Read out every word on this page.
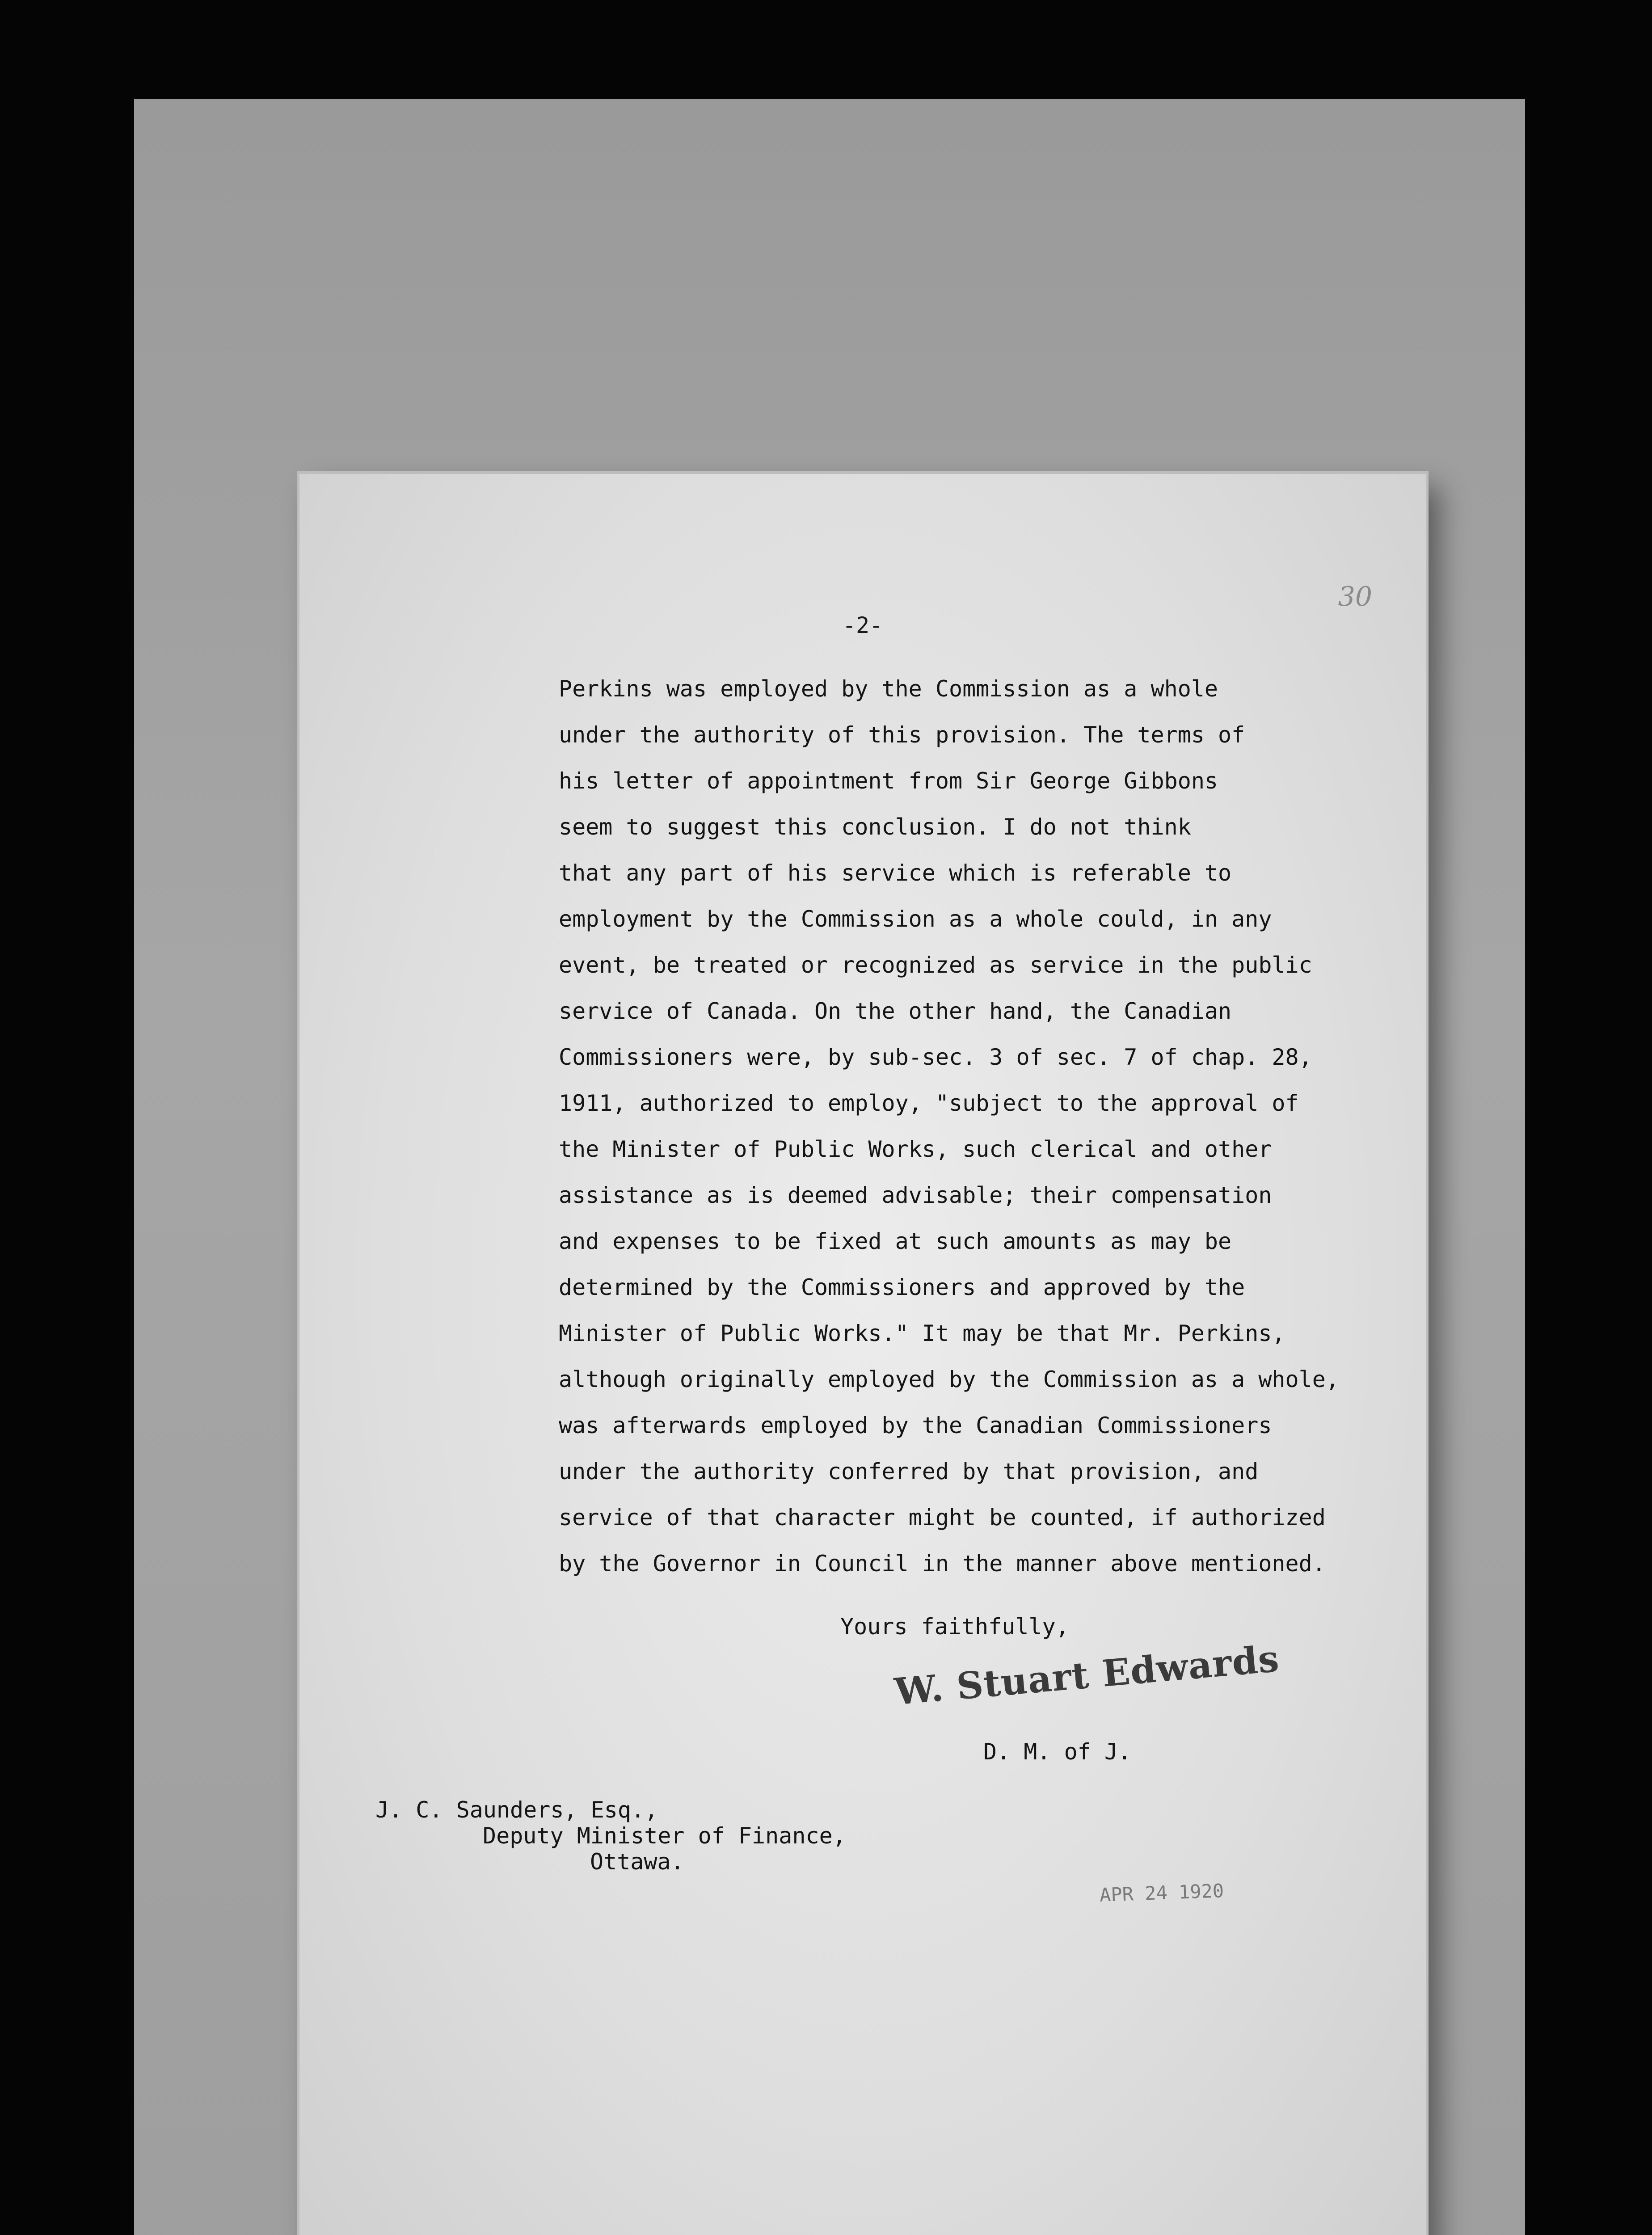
30
-2-
Perkins was employed by the Commission as a whole
under the authority of this provision. The terms of
his letter of appointment from Sir George Gibbons
seem to suggest this conclusion. I do not think
that any part of his service which is referable to
employment by the Commission as a whole could, in any
event, be treated or recognized as service in the public
service of Canada. On the other hand, the Canadian
Commissioners were, by sub-sec. 3 of sec. 7 of chap. 28,
1911, authorized to employ, "subject to the approval of
the Minister of Public Works, such clerical and other
assistance as is deemed advisable; their compensation
and expenses to be fixed at such amounts as may be
determined by the Commissioners and approved by the
Minister of Public Works." It may be that Mr. Perkins,
although originally employed by the Commission as a whole,
was afterwards employed by the Canadian Commissioners
under the authority conferred by that provision, and
service of that character might be counted, if authorized
by the Governor in Council in the manner above mentioned.
Yours faithfully,
W. Stuart Edwards
D. M. of J.
J. C. Saunders, Esq.,
Deputy Minister of Finance,
Ottawa.
APR 24 1920
